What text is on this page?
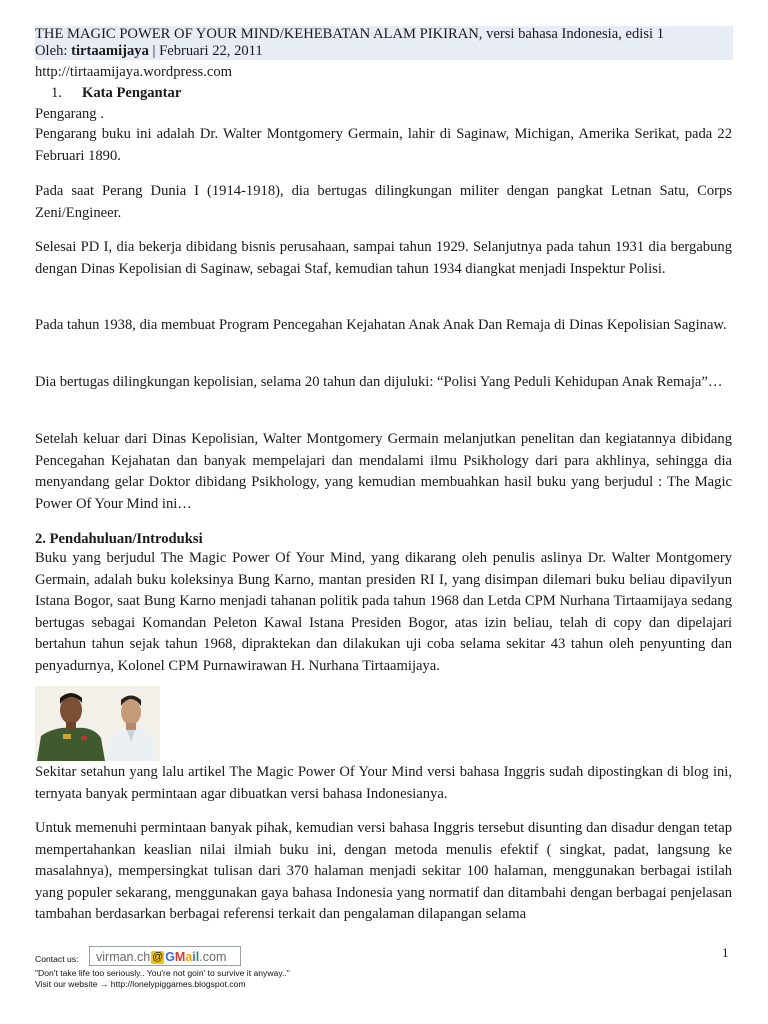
THE MAGIC POWER OF YOUR MIND/KEHEBATAN ALAM PIKIRAN, versi bahasa Indonesia, edisi 1
Oleh: tirtaamijaya | Februari 22, 2011
http://tirtaamijaya.wordpress.com
1. Kata Pengantar
Pengarang .

Pengarang buku ini adalah Dr. Walter Montgomery Germain, lahir di Saginaw, Michigan, Amerika Serikat, pada 22 Februari 1890.

Pada saat Perang Dunia I (1914-1918), dia bertugas dilingkungan militer dengan pangkat Letnan Satu, Corps Zeni/Engineer.

Selesai PD I, dia bekerja dibidang bisnis perusahaan, sampai tahun 1929. Selanjutnya pada tahun 1931 dia bergabung dengan Dinas Kepolisian di Saginaw, sebagai Staf, kemudian tahun 1934 diangkat menjadi Inspektur Polisi.

Pada tahun 1938, dia membuat Program Pencegahan Kejahatan Anak Anak Dan Remaja di Dinas Kepolisian Saginaw.

Dia bertugas dilingkungan kepolisian, selama 20 tahun dan dijuluki: “Polisi Yang Peduli Kehidupan Anak Remaja”…

Setelah keluar dari Dinas Kepolisian, Walter Montgomery Germain melanjutkan penelitan dan kegiatannya dibidang Pencegahan Kejahatan dan banyak mempelajari dan mendalami ilmu Psikhology dari para akhlinya, sehingga dia menyandang gelar Doktor dibidang Psikhology, yang kemudian membuahkan hasil buku yang berjudul : The Magic Power Of Your Mind ini…

2. Pendahuluan/Introduksi

Buku yang berjudul The Magic Power Of Your Mind, yang dikarang oleh penulis aslinya Dr. Walter Montgomery Germain, adalah buku koleksinya Bung Karno, mantan presiden RI I, yang disimpan dilemari buku beliau dipavilyun Istana Bogor, saat Bung Karno menjadi tahanan politik pada tahun 1968 dan Letda CPM Nurhana Tirtaamijaya sedang bertugas sebagai Komandan Peleton Kawal Istana Presiden Bogor, atas izin beliau, telah di copy dan dipelajari bertahun tahun sejak tahun 1968, dipraktekan dan dilakukan uji coba selama sekitar 43 tahun oleh penyunting dan penyadurnya, Kolonel CPM Purnawirawan H. Nurhana Tirtaamijaya.

Sekitar setahun yang lalu artikel The Magic Power Of Your Mind versi bahasa Inggris sudah dipostingkan di blog ini, ternyata banyak permintaan agar dibuatkan versi bahasa Indonesianya.

Untuk memenuhi permintaan banyak pihak, kemudian versi bahasa Inggris tersebut disunting dan disadur dengan tetap mempertahankan keaslian nilai ilmiah buku ini, dengan metoda menulis efektif ( singkat, padat, langsung ke masalahnya), mempersingkat tulisan dari 370 halaman menjadi sekitar 100 halaman, menggunakan berbagai istilah yang populer sekarang, menggunakan gaya bahasa Indonesia yang normatif dan ditambahi dengan berbagai penjelasan tambahan berdasarkan berbagai referensi terkait dan pengalaman dilapangan selama

1
Contact us:	virman.ch @ GMail.com
"Don't take life too seriously.. You're not goin' to survive it anyway.."
Visit our website → http://lonelypiggames.blogspot.com
